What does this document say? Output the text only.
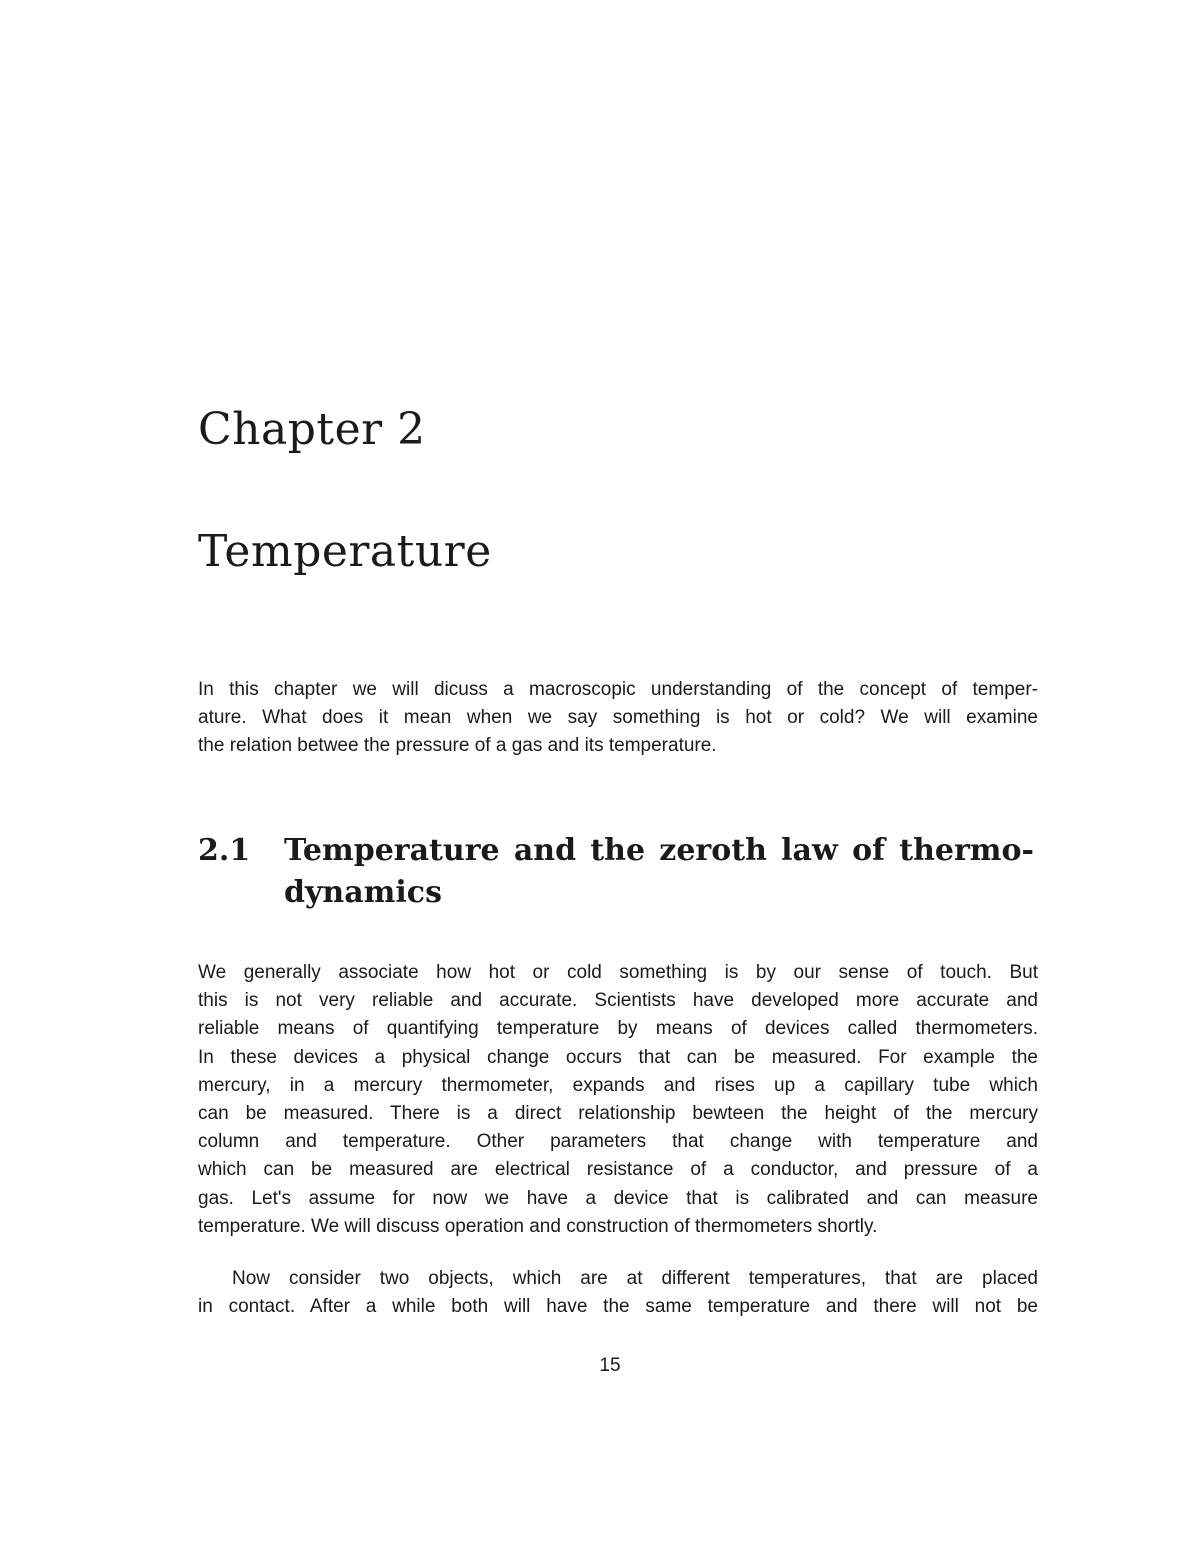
Chapter 2
Temperature

In this chapter we will dicuss a macroscopic understanding of the concept of temper-
ature. What does it mean when we say something is hot or cold? We will examine
the relation betwee the pressure of a gas and its temperature.

2.1 Temperature and the zeroth law of thermo-
dynamics

We generally associate how hot or cold something is by our sense of touch. But
this is not very reliable and accurate. Scientists have developed more accurate and
reliable means of quantifying temperature by means of devices called thermometers.
In these devices a physical change occurs that can be measured. For example the
mercury, in a mercury thermometer, expands and rises up a capillary tube which
can be measured. There is a direct relationship bewteen the height of the mercury
column and temperature. Other parameters that change with temperature and
which can be measured are electrical resistance of a conductor, and pressure of a
gas. Let's assume for now we have a device that is calibrated and can measure
temperature. We will discuss operation and construction of thermometers shortly.

Now consider two objects, which are at different temperatures, that are placed
in contact. After a while both will have the same temperature and there will not be

15
